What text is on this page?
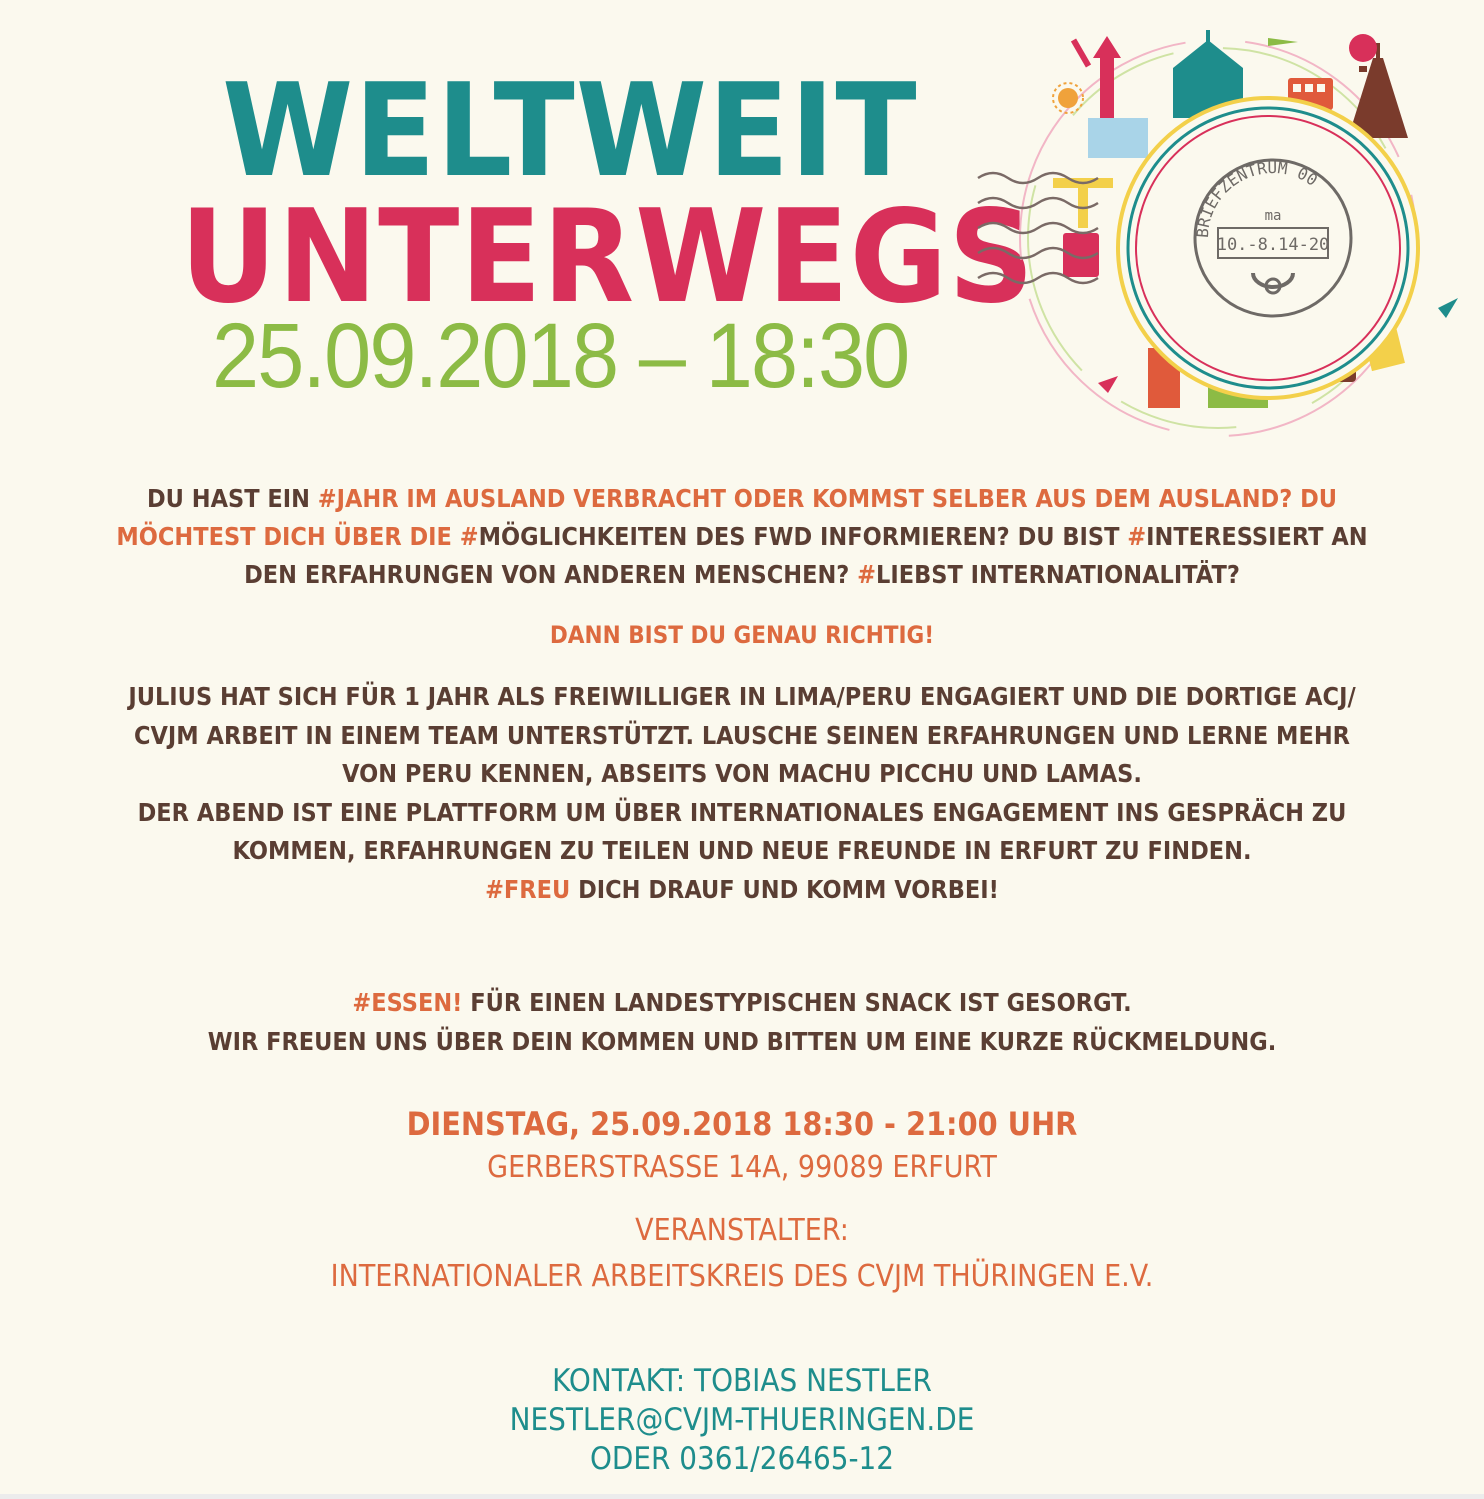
WELTWEIT
UNTERWEGS
25.09.2018 – 18:30
BRIEFZENTRUM 00
ma
10.-8.14-20

DU HAST EIN #JAHR IM AUSLAND VERBRACHT ODER KOMMST SELBER AUS DEM AUSLAND? DU MÖCHTEST DICH ÜBER DIE #MÖGLICHKEITEN DES FWD INFORMIEREN? DU BIST #INTERESSIERT AN DEN ERFAHRUNGEN VON ANDEREN MENSCHEN? #LIEBST INTERNATIONALITÄT?

DANN BIST DU GENAU RICHTIG!

JULIUS HAT SICH FÜR 1 JAHR ALS FREIWILLIGER IN LIMA/PERU ENGAGIERT UND DIE DORTIGE ACJ/ CVJM ARBEIT IN EINEM TEAM UNTERSTÜTZT. LAUSCHE SEINEN ERFAHRUNGEN UND LERNE MEHR VON PERU KENNEN, ABSEITS VON MACHU PICCHU UND LAMAS.
DER ABEND IST EINE PLATTFORM UM ÜBER INTERNATIONALES ENGAGEMENT INS GESPRÄCH ZU KOMMEN, ERFAHRUNGEN ZU TEILEN UND NEUE FREUNDE IN ERFURT ZU FINDEN.
#FREU DICH DRAUF UND KOMM VORBEI!
#ESSEN! FÜR EINEN LANDESTYPISCHEN SNACK IST GESORGT.
WIR FREUEN UNS ÜBER DEIN KOMMEN UND BITTEN UM EINE KURZE RÜCKMELDUNG.

DIENSTAG, 25.09.2018 18:30 - 21:00 UHR

GERBERSTRASSE 14A, 99089 ERFURT

VERANSTALTER:
INTERNATIONALER ARBEITSKREIS DES CVJM THÜRINGEN E.V.
KONTAKT: TOBIAS NESTLER
NESTLER@CVJM-THUERINGEN.DE
ODER 0361/26465-12
